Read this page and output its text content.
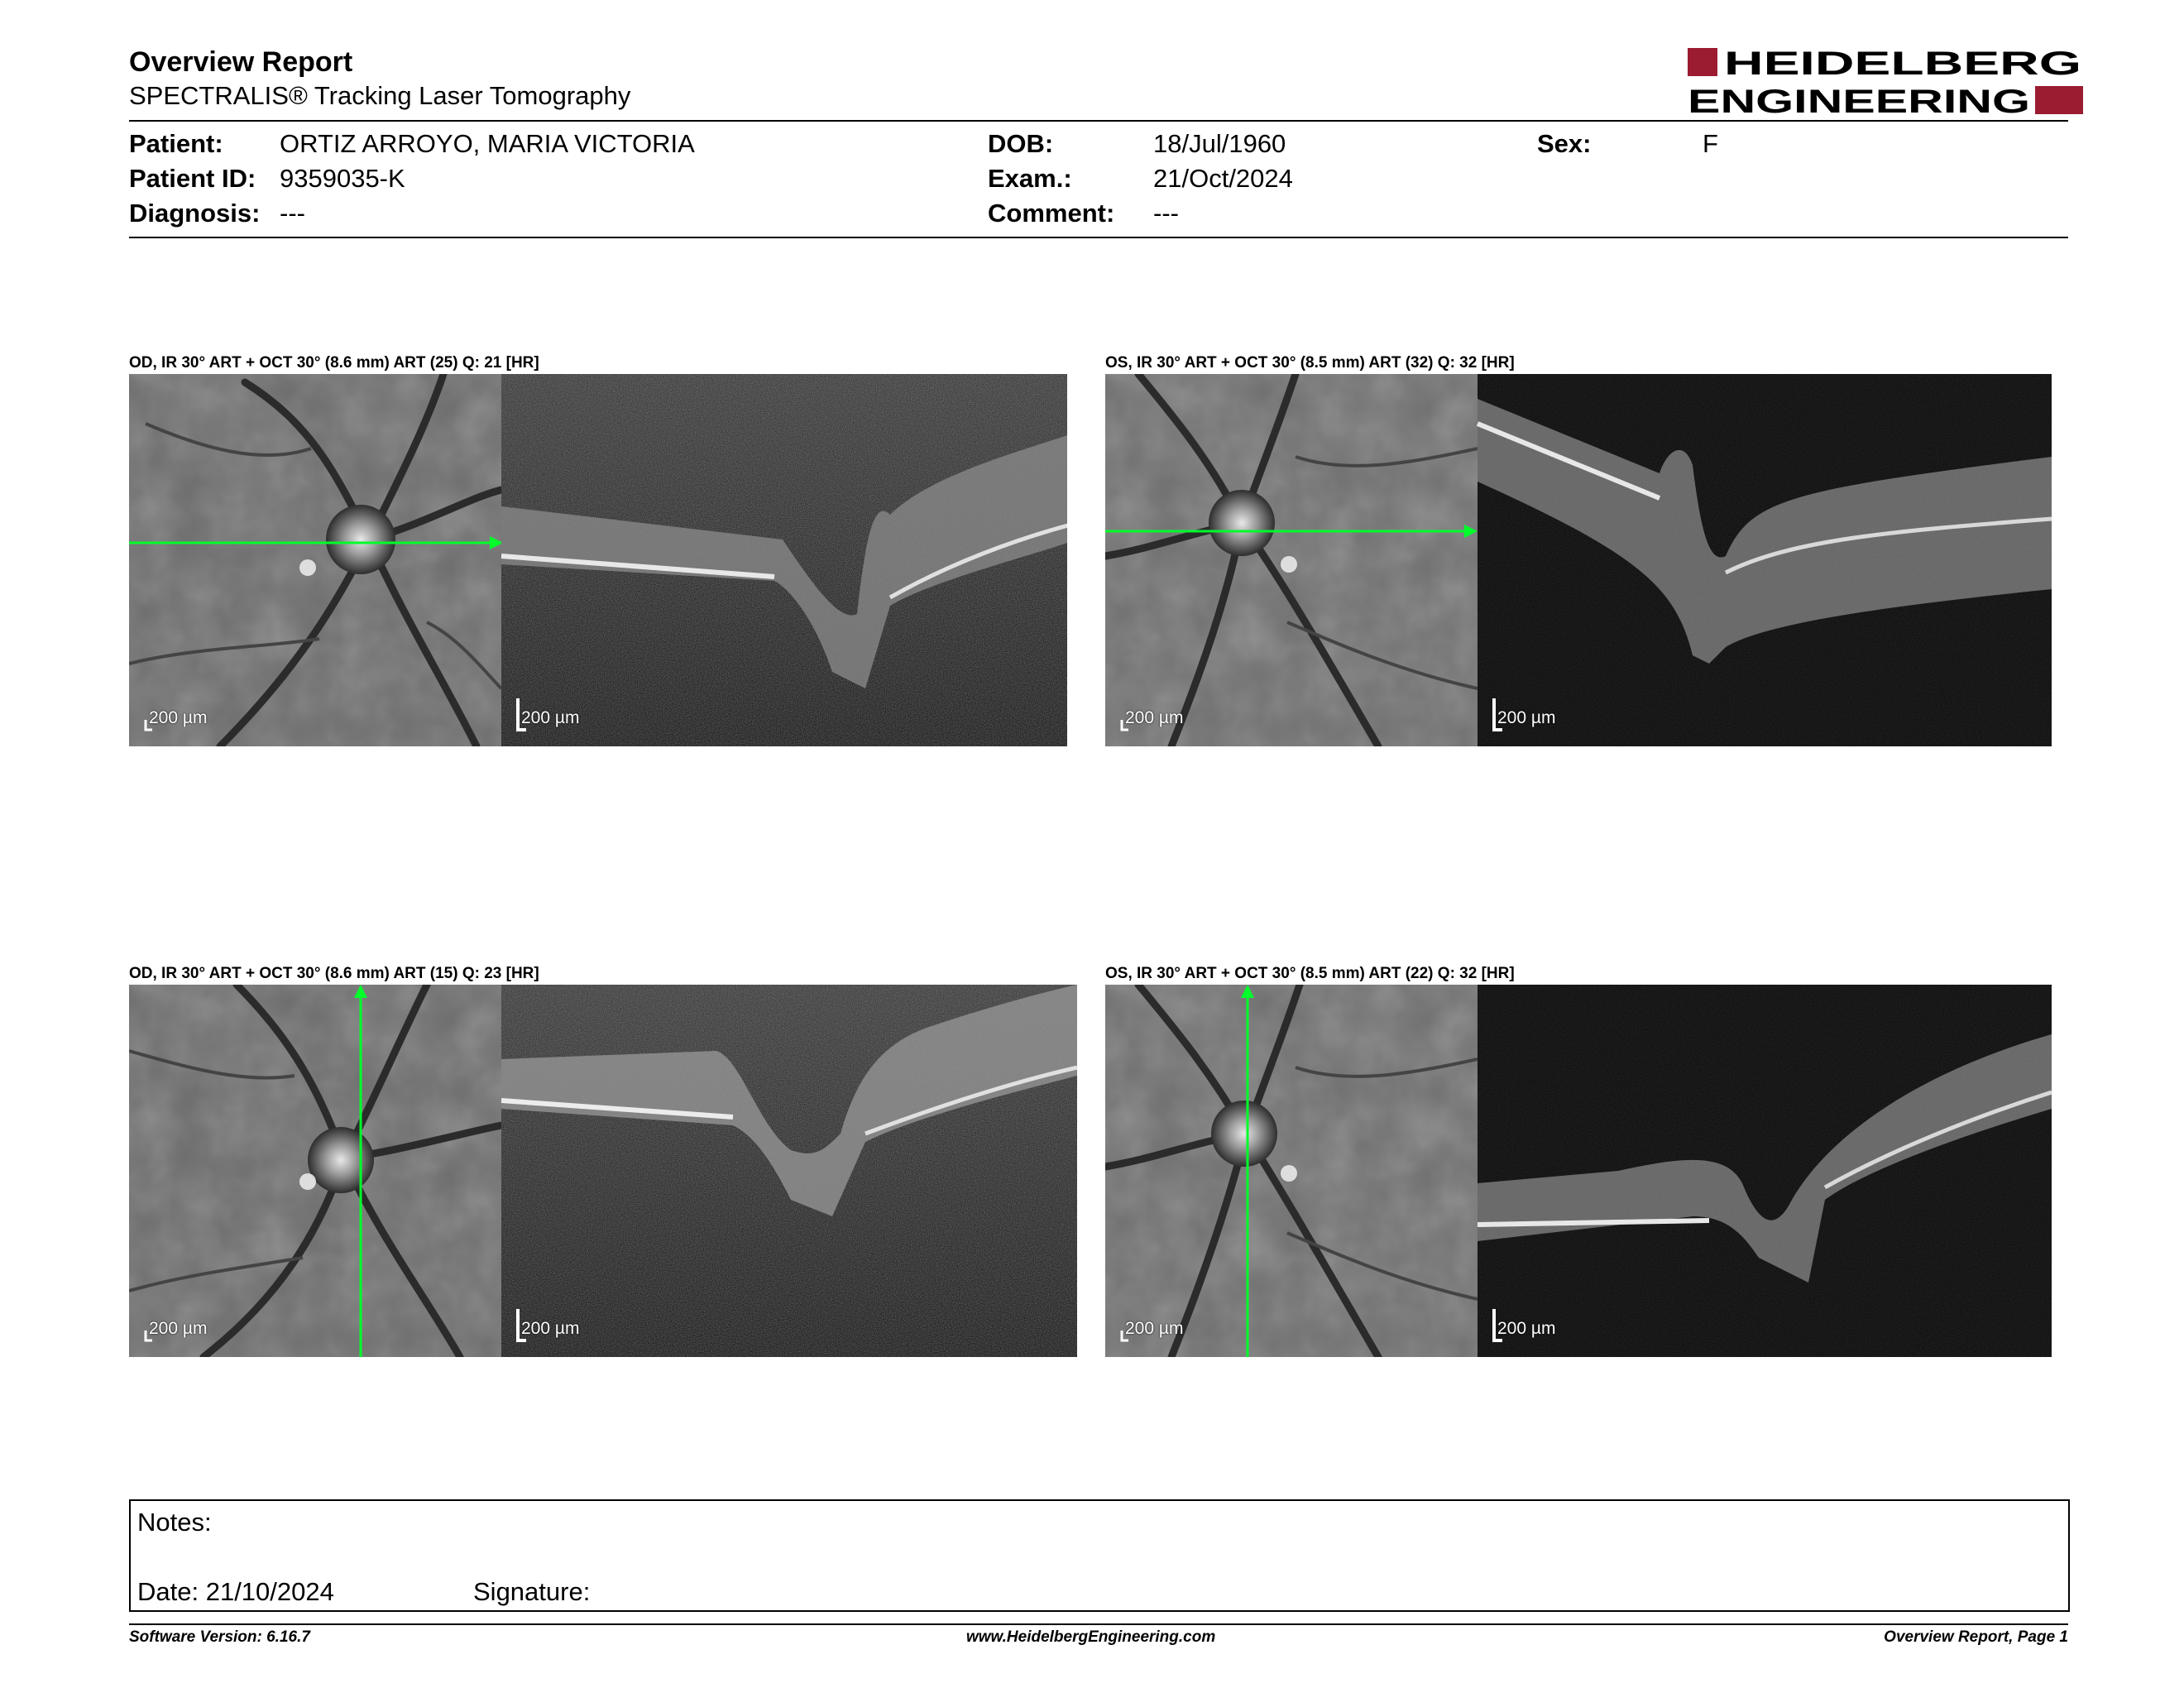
Overview Report
SPECTRALIS® Tracking Laser Tomography
HEIDELBERG
ENGINEERING
Patient: ORTIZ ARROYO, MARIA VICTORIA
Patient ID: 9359035-K
Diagnosis: ---
DOB:	18/Jul/1960
Exam.:	21/Oct/2024
Comment: ---
Sex:	F
OD, IR 30° ART + OCT 30° (8.6 mm) ART (25) Q: 21 [HR]
200 µm	200 µm
OS, IR 30° ART + OCT 30° (8.5 mm) ART (32) Q: 32 [HR]
200 µm	200 µm
OD, IR 30° ART + OCT 30° (8.6 mm) ART (15) Q: 23 [HR]
200 µm	200 µm
OS, IR 30° ART + OCT 30° (8.5 mm) ART (22) Q: 32 [HR]
200 µm	200 µm
Notes:
Date: 21/10/2024	Signature:
Software Version: 6.16.7	www.HeidelbergEngineering.com	Overview Report, Page 1
